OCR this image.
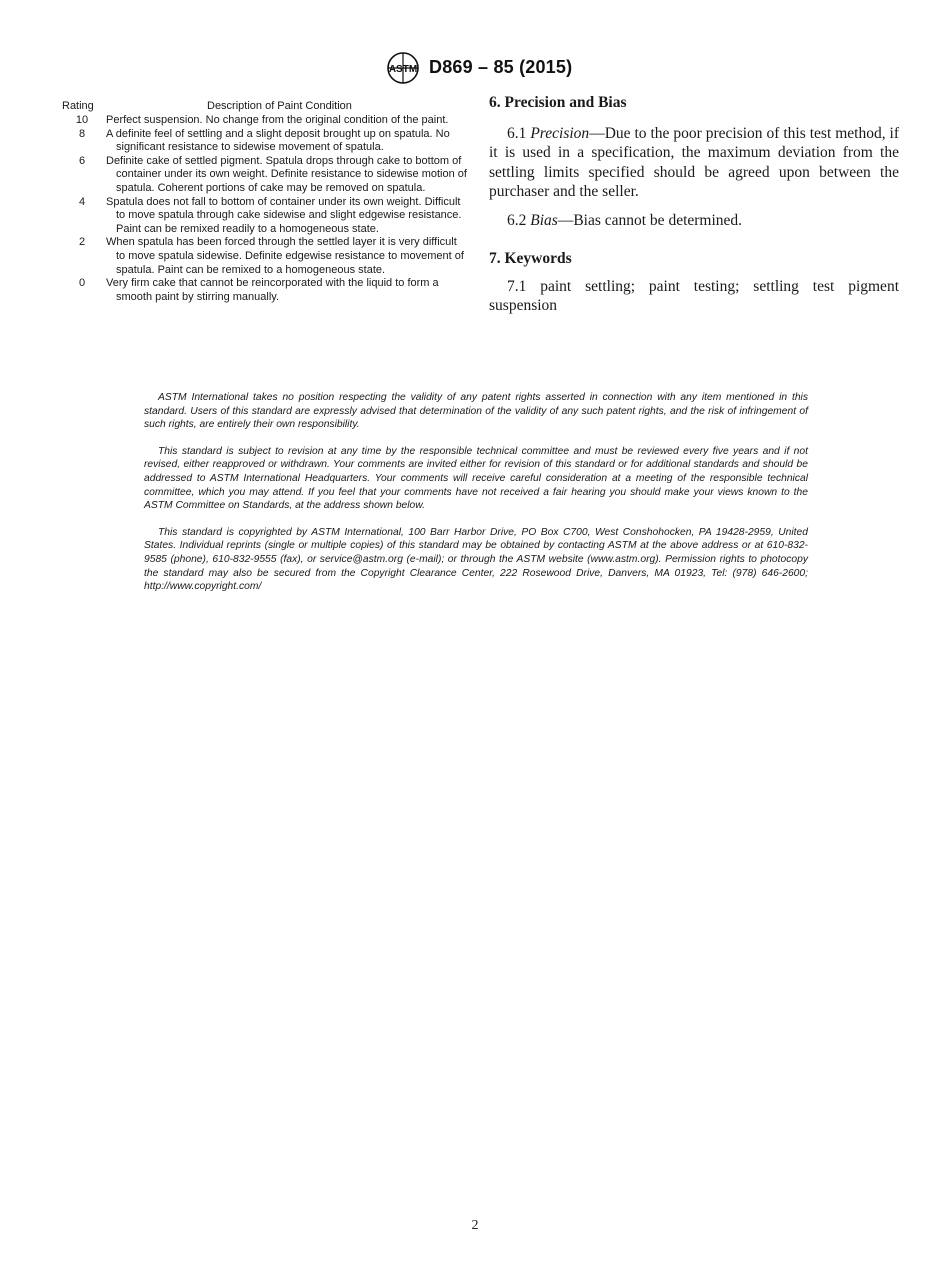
ASTM D869 – 85 (2015)
Rating	Description of Paint Condition
10	Perfect suspension. No change from the original condition of the paint.
8	A definite feel of settling and a slight deposit brought up on spatula. No significant resistance to sidewise movement of spatula.
6	Definite cake of settled pigment. Spatula drops through cake to bottom of container under its own weight. Definite resistance to sidewise motion of spatula. Coherent portions of cake may be removed on spatula.
4	Spatula does not fall to bottom of container under its own weight. Difficult to move spatula through cake sidewise and slight edgewise resistance. Paint can be remixed readily to a homogeneous state.
2	When spatula has been forced through the settled layer it is very difficult to move spatula sidewise. Definite edgewise resistance to movement of spatula. Paint can be remixed to a homogeneous state.
0	Very firm cake that cannot be reincorporated with the liquid to form a smooth paint by stirring manually.
6. Precision and Bias

6.1 Precision—Due to the poor precision of this test method, if it is used in a specification, the maximum deviation from the settling limits specified should be agreed upon between the purchaser and the seller.

6.2 Bias—Bias cannot be determined.

7. Keywords

7.1 paint settling; paint testing; settling test pigment suspension

ASTM International takes no position respecting the validity of any patent rights asserted in connection with any item mentioned in this standard. Users of this standard are expressly advised that determination of the validity of any such patent rights, and the risk of infringement of such rights, are entirely their own responsibility.

This standard is subject to revision at any time by the responsible technical committee and must be reviewed every five years and if not revised, either reapproved or withdrawn. Your comments are invited either for revision of this standard or for additional standards and should be addressed to ASTM International Headquarters. Your comments will receive careful consideration at a meeting of the responsible technical committee, which you may attend. If you feel that your comments have not received a fair hearing you should make your views known to the ASTM Committee on Standards, at the address shown below.

This standard is copyrighted by ASTM International, 100 Barr Harbor Drive, PO Box C700, West Conshohocken, PA 19428-2959, United States. Individual reprints (single or multiple copies) of this standard may be obtained by contacting ASTM at the above address or at 610-832-9585 (phone), 610-832-9555 (fax), or service@astm.org (e-mail); or through the ASTM website (www.astm.org). Permission rights to photocopy the standard may also be secured from the Copyright Clearance Center, 222 Rosewood Drive, Danvers, MA 01923, Tel: (978) 646-2600; http://www.copyright.com/

2
